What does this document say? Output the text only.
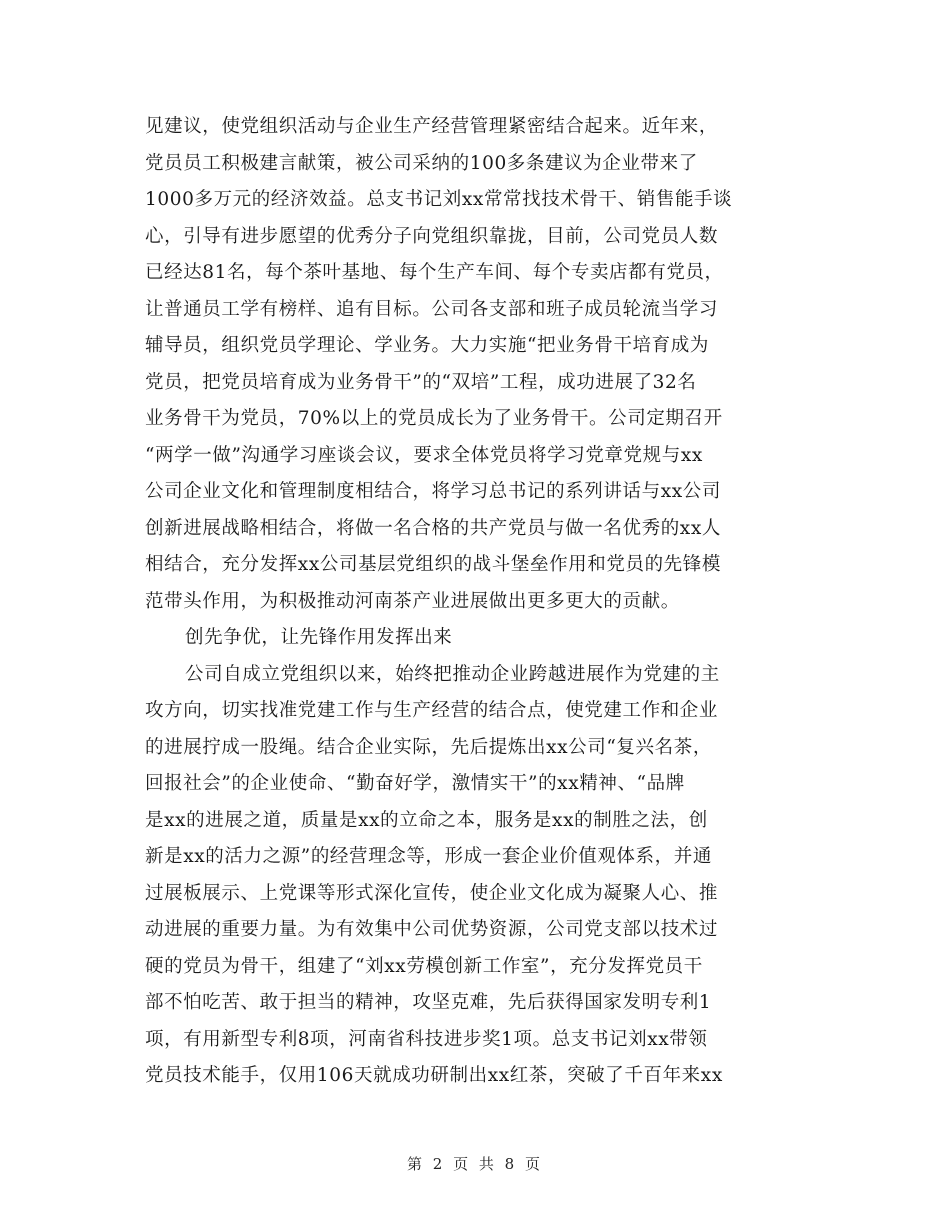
见建议，使党组织活动与企业生产经营管理紧密结合起来。近年来，
党员员工积极建言献策，被公司采纳的100多条建议为企业带来了
1000多万元的经济效益。总支书记刘xx常常找技术骨干、销售能手谈
心，引导有进步愿望的优秀分子向党组织靠拢，目前，公司党员人数
已经达81名，每个茶叶基地、每个生产车间、每个专卖店都有党员，
让普通员工学有榜样、追有目标。公司各支部和班子成员轮流当学习
辅导员，组织党员学理论、学业务。大力实施“把业务骨干培育成为
党员，把党员培育成为业务骨干”的“双培”工程，成功进展了32名
业务骨干为党员，70%以上的党员成长为了业务骨干。公司定期召开
“两学一做”沟通学习座谈会议，要求全体党员将学习党章党规与xx
公司企业文化和管理制度相结合，将学习总书记的系列讲话与xx公司
创新进展战略相结合，将做一名合格的共产党员与做一名优秀的xx人
相结合，充分发挥xx公司基层党组织的战斗堡垒作用和党员的先锋模
范带头作用，为积极推动河南茶产业进展做出更多更大的贡献。
创先争优，让先锋作用发挥出来
公司自成立党组织以来，始终把推动企业跨越进展作为党建的主
攻方向，切实找准党建工作与生产经营的结合点，使党建工作和企业
的进展拧成一股绳。结合企业实际，先后提炼出xx公司“复兴名茶，
回报社会”的企业使命、“勤奋好学，激情实干”的xx精神、“品牌
是xx的进展之道，质量是xx的立命之本，服务是xx的制胜之法，创
新是xx的活力之源”的经营理念等，形成一套企业价值观体系，并通
过展板展示、上党课等形式深化宣传，使企业文化成为凝聚人心、推
动进展的重要力量。为有效集中公司优势资源，公司党支部以技术过
硬的党员为骨干，组建了“刘xx劳模创新工作室”，充分发挥党员干
部不怕吃苦、敢于担当的精神，攻坚克难，先后获得国家发明专利1
项，有用新型专利8项，河南省科技进步奖1项。总支书记刘xx带领
党员技术能手，仅用106天就成功研制出xx红茶，突破了千百年来xx
第 2 页 共 8 页
